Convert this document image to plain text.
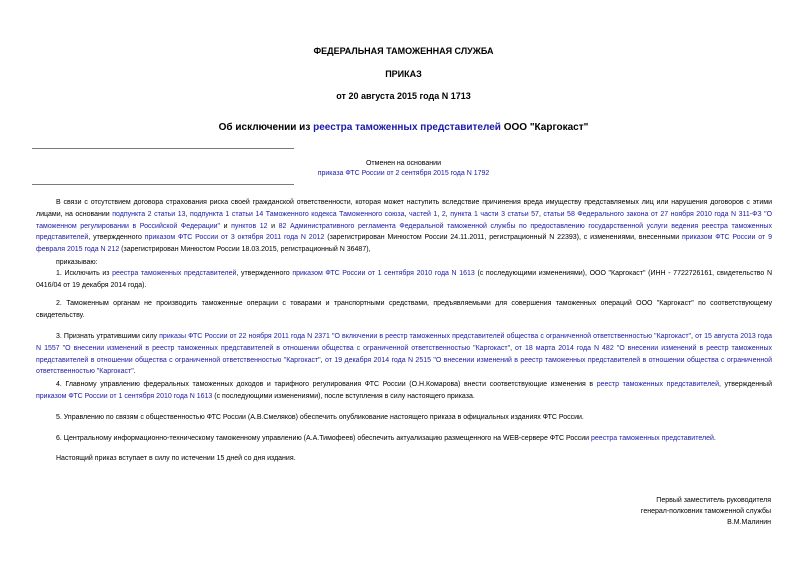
ФЕДЕРАЛЬНАЯ ТАМОЖЕННАЯ СЛУЖБА
ПРИКАЗ
от 20 августа 2015 года N 1713
Об исключении из реестра таможенных представителей ООО "Каргокаст"
Отменен на основании
приказа ФТС России от 2 сентября 2015 года N 1792
В связи с отсутствием договора страхования риска своей гражданской ответственности, которая может наступить вследствие причинения вреда имуществу представляемых лиц или нарушения договоров с этими лицами, на основании подпункта 2 статьи 13, подпункта 1 статьи 14 Таможенного кодекса Таможенного союза, частей 1, 2, пункта 1 части 3 статьи 57, статьи 58 Федерального закона от 27 ноября 2010 года N 311-ФЗ "О таможенном регулировании в Российской Федерации" и пунктов 12 и 82 Административного регламента Федеральной таможенной службы по предоставлению государственной услуги ведения реестра таможенных представителей, утвержденного приказом ФТС России от 3 октября 2011 года N 2012 (зарегистрирован Минюстом России 24.11.2011, регистрационный N 22393), с изменениями, внесенными приказом ФТС России от 9 февраля 2015 года N 212 (зарегистрирован Минюстом России 18.03.2015, регистрационный N 36487),
приказываю:
1. Исключить из реестра таможенных представителей, утвержденного приказом ФТС России от 1 сентября 2010 года N 1613 (с последующими изменениями), ООО "Каргокаст" (ИНН - 7722726161, свидетельство N 0416/04 от 19 декабря 2014 года).
2. Таможенным органам не производить таможенные операции с товарами и транспортными средствами, предъявляемыми для совершения таможенных операций ООО "Каргокаст" по соответствующему свидетельству.
3. Признать утратившими силу приказы ФТС России от 22 ноября 2011 года N 2371 "О включении в реестр таможенных представителей общества с ограниченной ответственностью "Каргокаст", от 15 августа 2013 года N 1557 "О внесении изменений в реестр таможенных представителей в отношении общества с ограниченной ответственностью "Каргокаст", от 18 марта 2014 года N 482 "О внесении изменений в реестр таможенных представителей в отношении общества с ограниченной ответственностью "Каргокаст", от 19 декабря 2014 года N 2515 "О внесении изменений в реестр таможенных представителей в отношении общества с ограниченной ответственностью "Каргокаст".
4. Главному управлению федеральных таможенных доходов и тарифного регулирования ФТС России (О.Н.Комарова) внести соответствующие изменения в реестр таможенных представителей, утвержденный приказом ФТС России от 1 сентября 2010 года N 1613 (с последующими изменениями), после вступления в силу настоящего приказа.
5. Управлению по связям с общественностью ФТС России (А.В.Смеляков) обеспечить опубликование настоящего приказа в официальных изданиях ФТС России.
6. Центральному информационно-техническому таможенному управлению (А.А.Тимофеев) обеспечить актуализацию размещенного на WEB-сервере ФТС России реестра таможенных представителей.
Настоящий приказ вступает в силу по истечении 15 дней со дня издания.
Первый заместитель руководителя
генерал-полковник таможенной службы
В.М.Малинин
